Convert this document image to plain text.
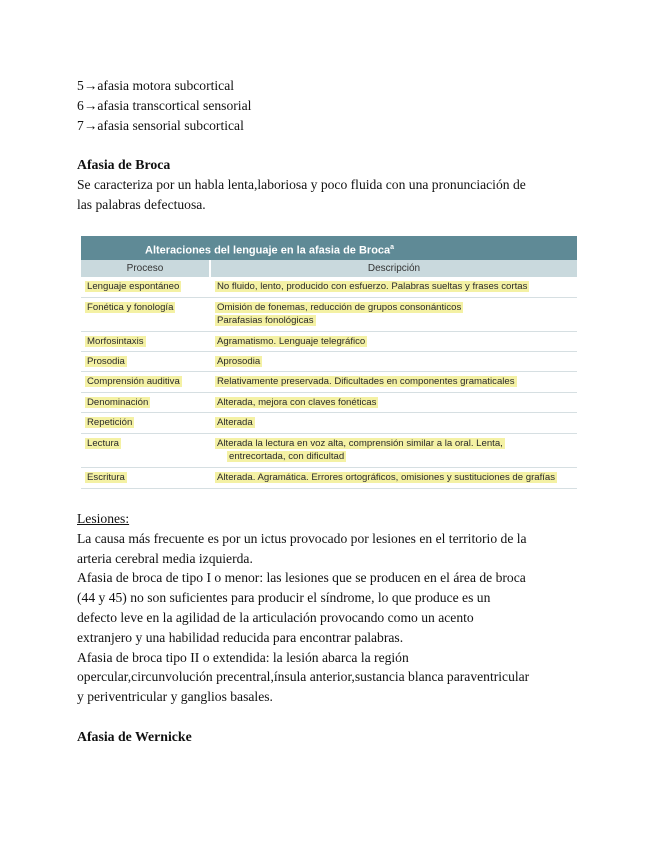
5→afasia motora subcortical

6→afasia transcortical sensorial

7→afasia sensorial subcortical

Afasia de Broca

Se caracteriza por un habla lenta,laboriosa y poco fluida con una pronunciación de

las palabras defectuosa.

Alteraciones del lenguaje en la afasia de Broca$^a$
Proceso	Descripción
Lenguaje espontáneo	No fluido, lento, producido con esfuerzo. Palabras sueltas y frases cortas
Fonética y fonología	Omisión de fonemas, reducción de grupos consonánticos
Parafasias fonológicas
Morfosintaxis	Agramatismo. Lenguaje telegráfico
Prosodia	Aprosodia
Comprensión auditiva	Relativamente preservada. Dificultades en componentes gramaticales
Denominación	Alterada, mejora con claves fonéticas
Repetición	Alterada
Lectura	Alterada la lectura en voz alta, comprensión similar a la oral. Lenta,
entrecortada, con dificultad
Escritura	Alterada. Agramática. Errores ortográficos, omisiones y sustituciones de grafías

Lesiones:

La causa más frecuente es por un ictus provocado por lesiones en el territorio de la

arteria cerebral media izquierda.

Afasia de broca de tipo I o menor: las lesiones que se producen en el área de broca

(44 y 45) no son suficientes para producir el síndrome, lo que produce es un

defecto leve en la agilidad de la articulación provocando como un acento

extranjero y una habilidad reducida para encontrar palabras.

Afasia de broca tipo II o extendida: la lesión abarca la región

opercular,circunvolución precentral,ínsula anterior,sustancia blanca paraventricular

y periventricular y ganglios basales.

Afasia de Wernicke
